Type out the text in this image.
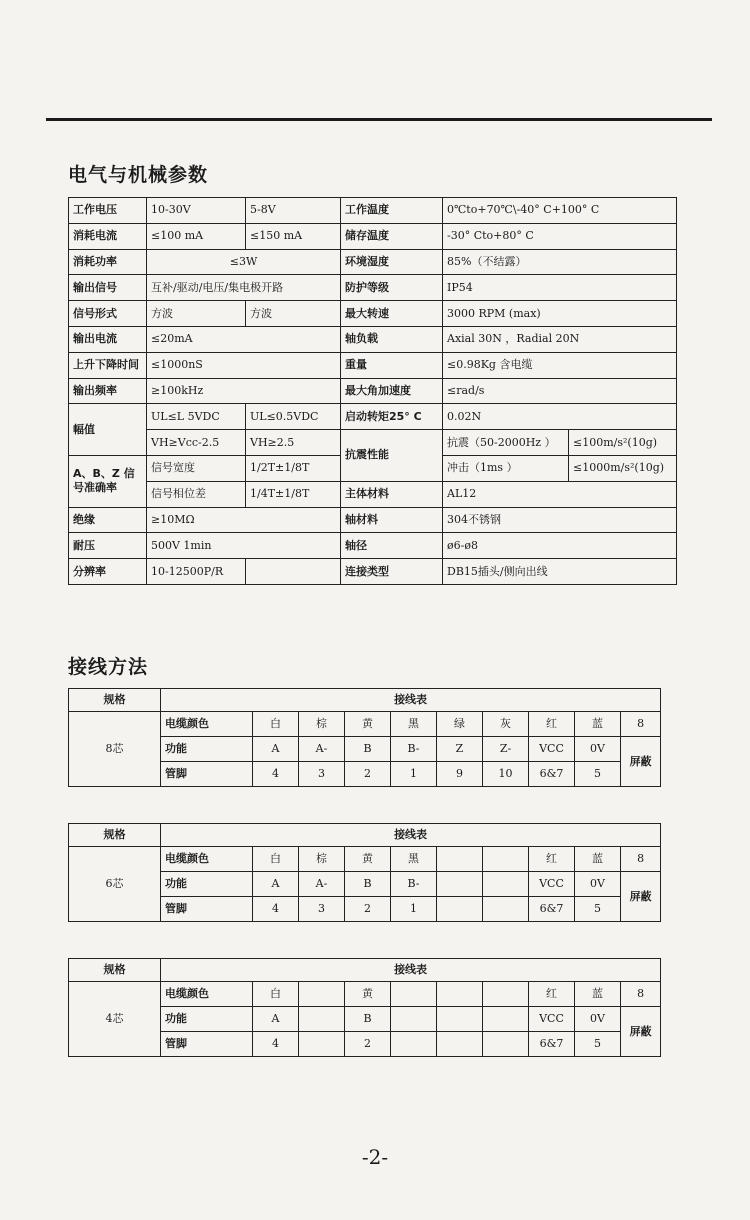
电气与机械参数
工作电压	10-30V	5-8V	工作温度	0℃to+70℃\-40° C+100° C	
消耗电流	≤100 mA	≤150 mA	储存温度	-30° Cto+80° C	
消耗功率	≤3W		环境湿度	85%（不结露）	
输出信号	互补/驱动/电压/集电极开路		防护等级	IP54	
信号形式	方波	方波	最大转速	3000 RPM (max)	
输出电流	≤20mA		轴负载	Axial 30N ，Radial 20N	
上升下降时间	≤1000nS		重量	≤0.98Kg 含电缆	
输出频率	≥100kHz		最大角加速度	≤rad/s	
幅值	UL≤L 5VDC	UL≤0.5VDC	启动转矩25° C	0.02N	
	VH≥Vcc-2.5	VH≥2.5	抗震性能	抗震（50-2000Hz ）	≤100m/s²(10g)
A、B、Z 信号准确率	信号宽度	1/2T±1/8T		冲击（1ms ）	≤1000m/s²(10g)
	信号相位差	1/4T±1/8T	主体材料	AL12	
绝缘	≥10MΩ		轴材料	304不锈钢	
耐压	500V 1min		轴径	ø6-ø8	
分辨率	10-12500P/R		连接类型	DB15插头/侧向出线	
接线方法
规格	接线表									
8芯	电缆颜色	白	棕	黄	黑	绿	灰	红	蓝	8
	功能	A	A-	B	B-	Z	Z-	VCC	0V	屏蔽
	管脚	4	3	2	1	9	10	6&7	5	
规格	接线表									
6芯	电缆颜色	白	棕	黄	黑			红	蓝	8
	功能	A	A-	B	B-			VCC	0V	屏蔽
	管脚	4	3	2	1			6&7	5	
规格	接线表									
4芯	电缆颜色	白		黄				红	蓝	8
	功能	A		B				VCC	0V	屏蔽
	管脚	4		2				6&7	5	
-2-
